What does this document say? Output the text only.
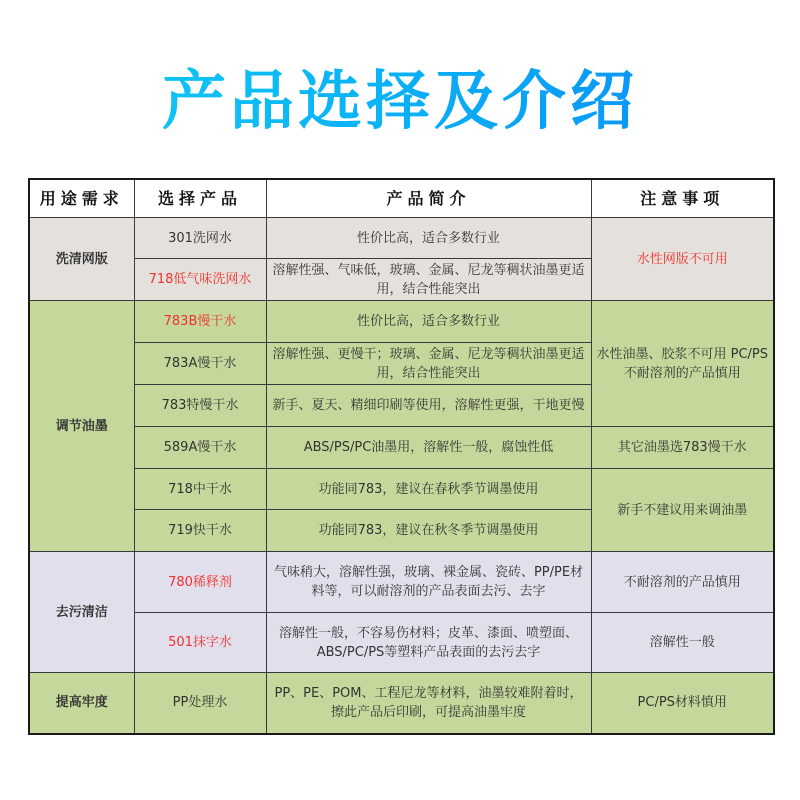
产品选择及介绍
用途需求	选择产品	产品简介	注意事项
洗清网版	301洗网水	性价比高，适合多数行业	水性网版不可用
	718低气味洗网水	溶解性强、气味低，玻璃、金属、尼龙等稠状油墨更适用，结合性能突出	
调节油墨	783B慢干水	性价比高，适合多数行业	水性油墨、胶浆不可用 PC/PS不耐溶剂的产品慎用
	783A慢干水	溶解性强、更慢干；玻璃、金属、尼龙等稠状油墨更适用，结合性能突出	
	783特慢干水	新手、夏天、精细印刷等使用，溶解性更强，干地更慢	
	589A慢干水	ABS/PS/PC油墨用，溶解性一般，腐蚀性低	其它油墨选783慢干水
	718中干水	功能同783，建议在春秋季节调墨使用	新手不建议用来调油墨
	719快干水	功能同783，建议在秋冬季节调墨使用	
去污清洁	780稀释剂	气味稍大，溶解性强，玻璃、裸金属、瓷砖、PP/PE材料等，可以耐溶剂的产品表面去污、去字	不耐溶剂的产品慎用
	501抹字水	溶解性一般，不容易伤材料；皮革、漆面、喷塑面、ABS/PC/PS等塑料产品表面的去污去字	溶解性一般
提高牢度	PP处理水	PP、PE、POM、工程尼龙等材料，油墨较难附着时，擦此产品后印刷，可提高油墨牢度	PC/PS材料慎用
